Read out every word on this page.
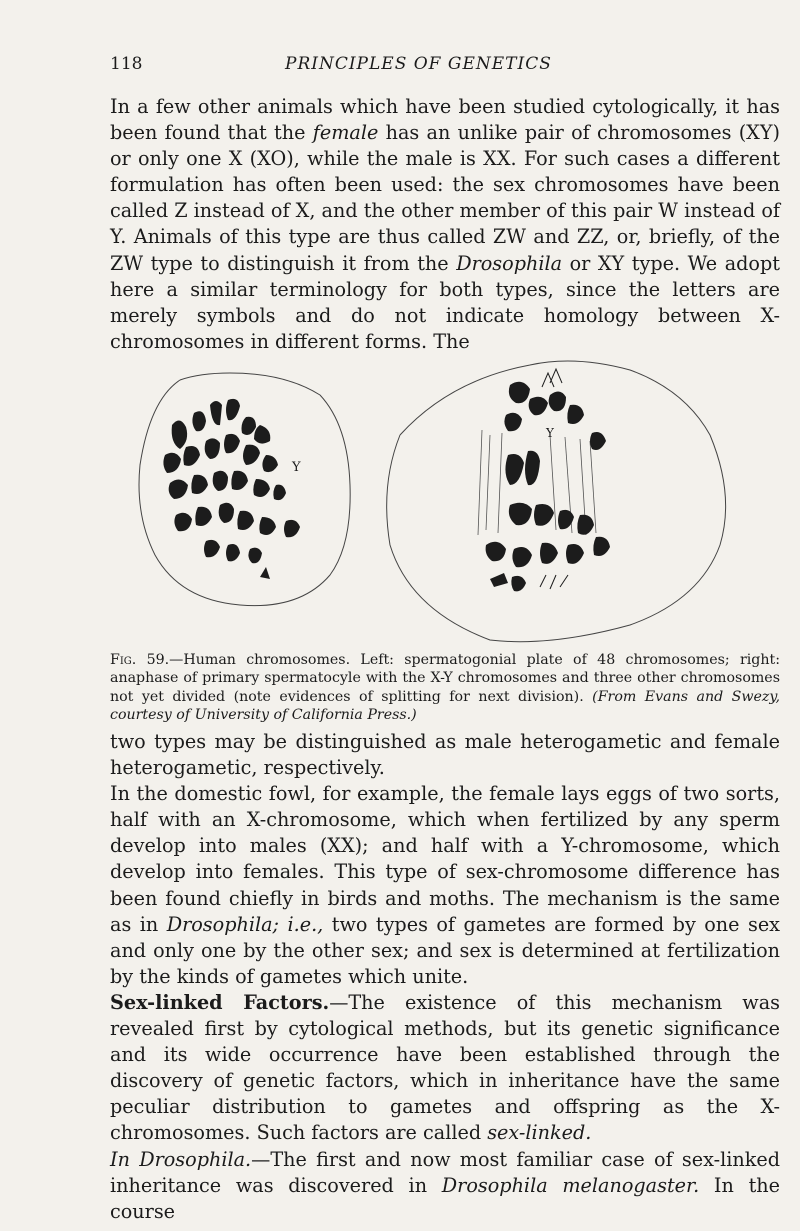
118	PRINCIPLES OF GENETICS

In a few other animals which have been studied cytologically, it has been found that the female has an unlike pair of chromosomes (XY) or only one X (XO), while the male is XX. For such cases a different formulation has often been used: the sex chromosomes have been called Z instead of X, and the other member of this pair W instead of Y. Animals of this type are thus called ZW and ZZ, or, briefly, of the ZW type to distinguish it from the Drosophila or XY type. We adopt here a similar terminology for both types, since the letters are merely symbols and do not indicate homology between X-chromosomes in different forms. The

Y
Y

Fig. 59.—Human chromosomes. Left: spermatogonial plate of 48 chromosomes; right: anaphase of primary spermatocyle with the X-Y chromosomes and three other chromosomes not yet divided (note evidences of splitting for next division). (From Evans and Swezy, courtesy of University of California Press.)

two types may be distinguished as male heterogametic and female heterogametic, respectively.

In the domestic fowl, for example, the female lays eggs of two sorts, half with an X-chromosome, which when fertilized by any sperm develop into males (XX); and half with a Y-chromosome, which develop into females. This type of sex-chromosome difference has been found chiefly in birds and moths. The mechanism is the same as in Drosophila; i.e., two types of gametes are formed by one sex and only one by the other sex; and sex is determined at fertilization by the kinds of gametes which unite.

Sex-linked Factors.—The existence of this mechanism was revealed first by cytological methods, but its genetic significance and its wide occurrence have been established through the discovery of genetic factors, which in inheritance have the same peculiar distribution to gametes and offspring as the X-chromosomes. Such factors are called sex-linked.

In Drosophila.—The first and now most familiar case of sex-linked inheritance was discovered in Drosophila melanogaster. In the course
